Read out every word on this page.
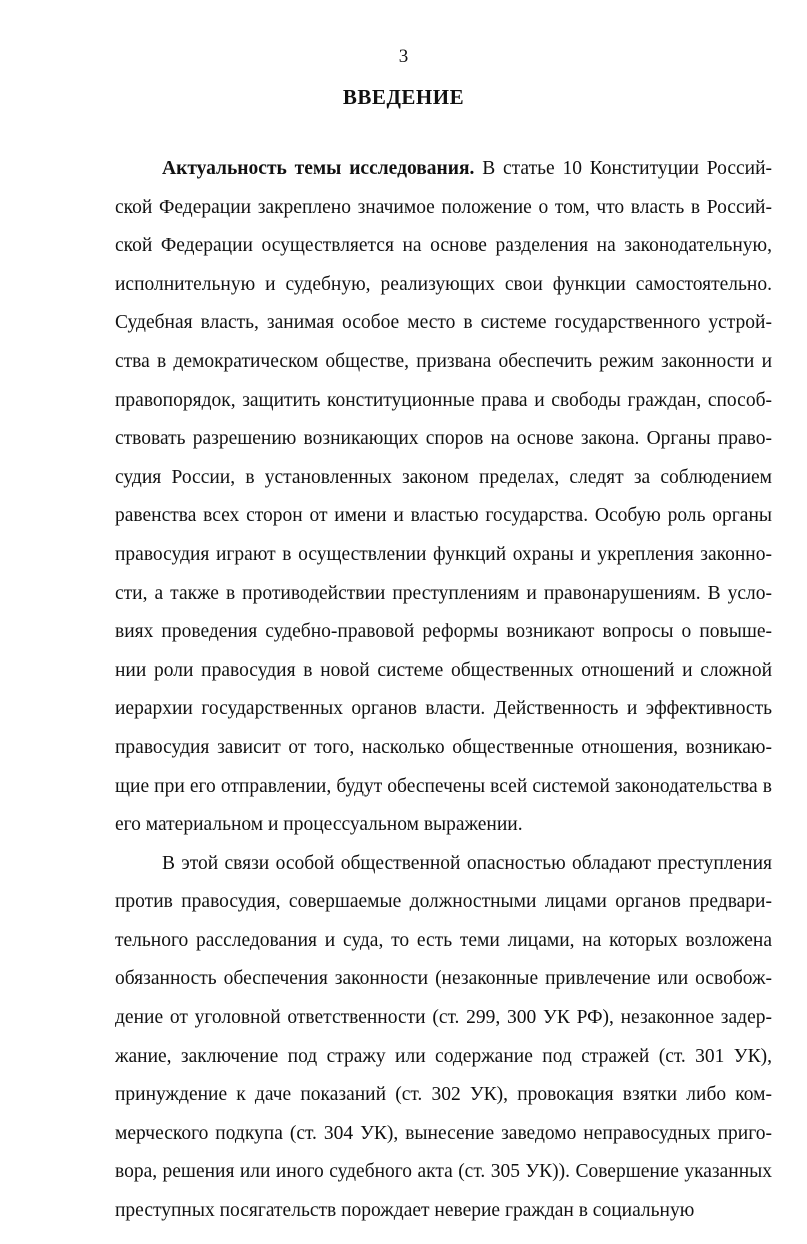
3
ВВЕДЕНИЕ

Актуальность темы исследования. В статье 10 Конституции Российской Федерации закреплено значимое положение о том, что власть в Российской Федерации осуществляется на основе разделения на законодательную, исполнительную и судебную, реализующих свои функции самостоятельно. Судебная власть, занимая особое место в системе государственного устройства в демократическом обществе, призвана обеспечить режим законности и правопорядок, защитить конституционные права и свободы граждан, способствовать разрешению возникающих споров на основе закона. Органы правосудия России, в установленных законом пределах, следят за соблюдением равенства всех сторон от имени и властью государства. Особую роль органы правосудия играют в осуществлении функций охраны и укрепления законности, а также в противодействии преступлениям и правонарушениям. В условиях проведения судебно-правовой реформы возникают вопросы о повышении роли правосудия в новой системе общественных отношений и сложной иерархии государственных органов власти. Действенность и эффективность правосудия зависит от того, насколько общественные отношения, возникающие при его отправлении, будут обеспечены всей системой законодательства в его материальном и процессуальном выражении.

В этой связи особой общественной опасностью обладают преступления против правосудия, совершаемые должностными лицами органов предварительного расследования и суда, то есть теми лицами, на которых возложена обязанность обеспечения законности (незаконные привлечение или освобождение от уголовной ответственности (ст. 299, 300 УК РФ), незаконное задержание, заключение под стражу или содержание под стражей (ст. 301 УК), принуждение к даче показаний (ст. 302 УК), провокация взятки либо коммерческого подкупа (ст. 304 УК), вынесение заведомо неправосудных приговора, решения или иного судебного акта (ст. 305 УК)). Совершение указанных преступных посягательств порождает неверие граждан в социальную
